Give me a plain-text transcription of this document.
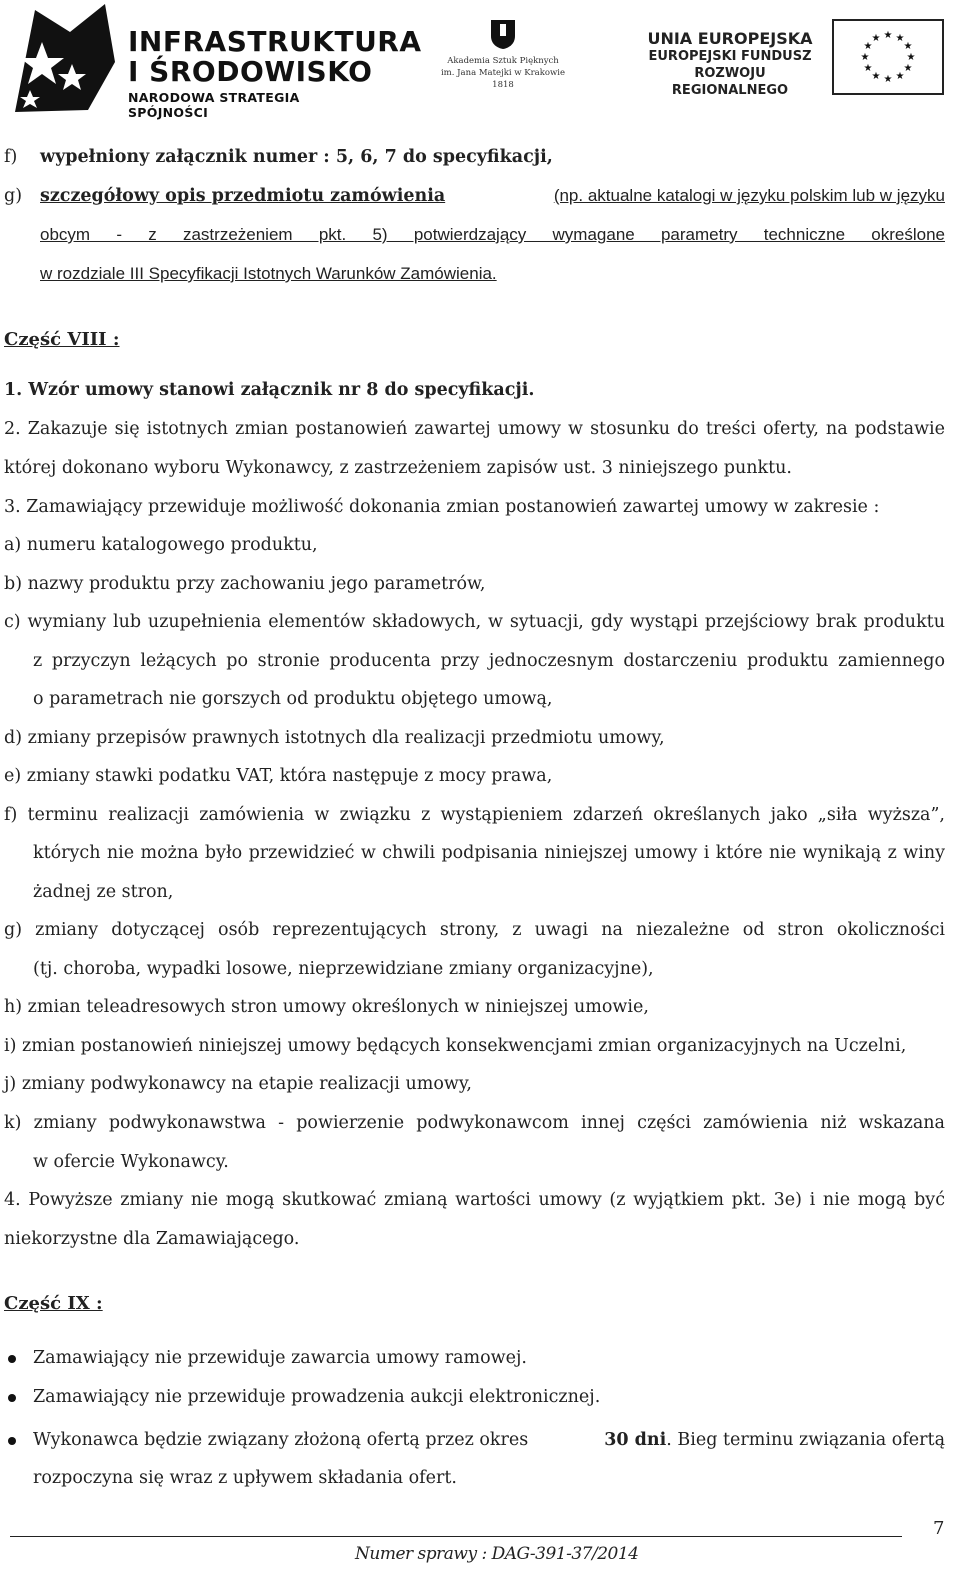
INFRASTRUKTURA
I ŚRODOWISKO
NARODOWA STRATEGIA SPÓJNOŚCI
Akademia Sztuk Pięknych
im. Jana Matejki w Krakowie
1818
UNIA EUROPEJSKA
EUROPEJSKI FUNDUSZ
ROZWOJU REGIONALNEGO
★ ★
★
★
★
★
★
★
★
★
★
★
f) wypełniony załącznik numer : 5, 6, 7 do specyfikacji,
g) szczegółowy opis przedmiotu zamówienia	(np. aktualne katalogi w języku polskim lub w języku
obcym - z zastrzeżeniem pkt. 5) potwierdzający wymagane parametry techniczne określone
w rozdziale III Specyfikacji Istotnych Warunków Zamówienia.
Część VIII :
1. Wzór umowy stanowi załącznik nr 8 do specyfikacji.
2. Zakazuje się istotnych zmian postanowień zawartej umowy w stosunku do treści oferty, na podstawie
której dokonano wyboru Wykonawcy, z zastrzeżeniem zapisów ust. 3 niniejszego punktu.
3. Zamawiający przewiduje możliwość dokonania zmian postanowień zawartej umowy w zakresie :
a) numeru katalogowego produktu,
b) nazwy produktu przy zachowaniu jego parametrów,
c) wymiany lub uzupełnienia elementów składowych, w sytuacji, gdy wystąpi przejściowy brak produktu
z przyczyn leżących po stronie producenta przy jednoczesnym dostarczeniu produktu zamiennego
o parametrach nie gorszych od produktu objętego umową,
d) zmiany przepisów prawnych istotnych dla realizacji przedmiotu umowy,
e) zmiany stawki podatku VAT, która następuje z mocy prawa,
f) terminu realizacji zamówienia w związku z wystąpieniem zdarzeń określanych jako „siła wyższa”,
których nie można było przewidzieć w chwili podpisania niniejszej umowy i które nie wynikają z winy
żadnej ze stron,
g) zmiany dotyczącej osób reprezentujących strony, z uwagi na niezależne od stron okoliczności
(tj. choroba, wypadki losowe, nieprzewidziane zmiany organizacyjne),
h) zmian teleadresowych stron umowy określonych w niniejszej umowie,
i) zmian postanowień niniejszej umowy będących konsekwencjami zmian organizacyjnych na Uczelni,
j) zmiany podwykonawcy na etapie realizacji umowy,
k) zmiany podwykonawstwa - powierzenie podwykonawcom innej części zamówienia niż wskazana
w ofercie Wykonawcy.
4. Powyższe zmiany nie mogą skutkować zmianą wartości umowy (z wyjątkiem pkt. 3e) i nie mogą być
niekorzystne dla Zamawiającego.
Część IX :
Zamawiający nie przewiduje zawarcia umowy ramowej.
Zamawiający nie przewiduje prowadzenia aukcji elektronicznej.
Wykonawca będzie związany złożoną ofertą przez okres	30 dni. Bieg terminu związania ofertą
rozpoczyna się wraz z upływem składania ofert.
7
Numer sprawy : DAG-391-37/2014
